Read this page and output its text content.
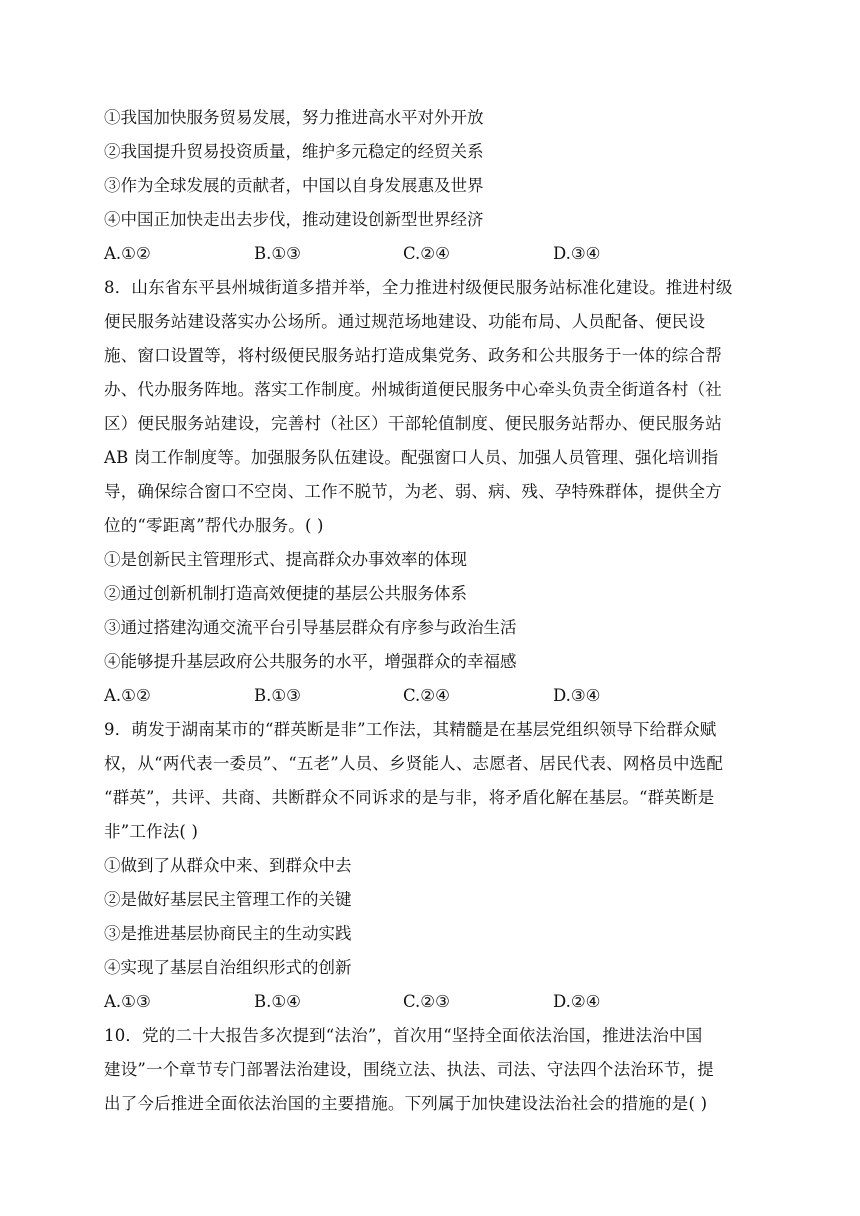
①我国加快服务贸易发展，努力推进高水平对外开放
②我国提升贸易投资质量，维护多元稳定的经贸关系
③作为全球发展的贡献者，中国以自身发展惠及世界
④中国正加快走出去步伐，推动建设创新型世界经济
A.①②	B.①③	C.②④	D.③④
8．山东省东平县州城街道多措并举，全力推进村级便民服务站标准化建设。推进村级
便民服务站建设落实办公场所。通过规范场地建设、功能布局、人员配备、便民设
施、窗口设置等，将村级便民服务站打造成集党务、政务和公共服务于一体的综合帮
办、代办服务阵地。落实工作制度。州城街道便民服务中心牵头负责全街道各村（社
区）便民服务站建设，完善村（社区）干部轮值制度、便民服务站帮办、便民服务站
AB 岗工作制度等。加强服务队伍建设。配强窗口人员、加强人员管理、强化培训指
导，确保综合窗口不空岗、工作不脱节，为老、弱、病、残、孕特殊群体，提供全方
位的“零距离”帮代办服务。( )
①是创新民主管理形式、提高群众办事效率的体现
②通过创新机制打造高效便捷的基层公共服务体系
③通过搭建沟通交流平台引导基层群众有序参与政治生活
④能够提升基层政府公共服务的水平，增强群众的幸福感
A.①②	B.①③	C.②④	D.③④
9．萌发于湖南某市的“群英断是非”工作法，其精髓是在基层党组织领导下给群众赋
权，从“两代表一委员”、“五老”人员、乡贤能人、志愿者、居民代表、网格员中选配
“群英”，共评、共商、共断群众不同诉求的是与非，将矛盾化解在基层。“群英断是
非”工作法( )
①做到了从群众中来、到群众中去
②是做好基层民主管理工作的关键
③是推进基层协商民主的生动实践
④实现了基层自治组织形式的创新
A.①③	B.①④	C.②③	D.②④
10．党的二十大报告多次提到“法治”，首次用“坚持全面依法治国，推进法治中国
建设”一个章节专门部署法治建设，围绕立法、执法、司法、守法四个法治环节，提
出了今后推进全面依法治国的主要措施。下列属于加快建设法治社会的措施的是( )
